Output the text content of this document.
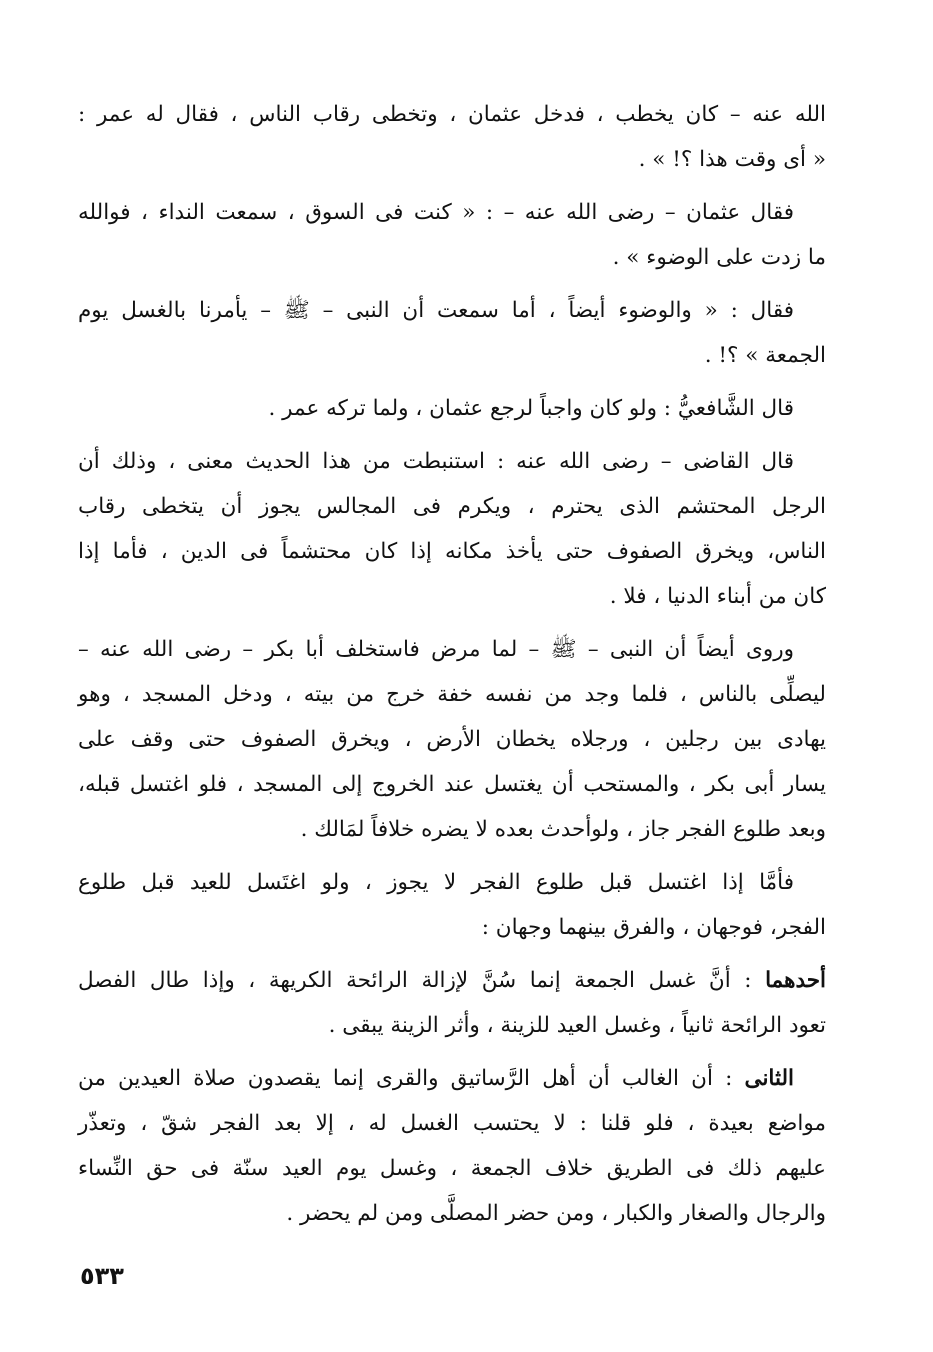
الله عنه – كان يخطب ، فدخل عثمان ، وتخطى رقاب الناس ، فقال له عمر :
« أى وقت هذا ؟! » .
فقال عثمان – رضى الله عنه – : « كنت فى السوق ، سمعت النداء ، فوالله
ما زدت على الوضوء » .
فقال : « والوضوء أيضاً ، أما سمعت أن النبى – ﷺ – يأمرنا بالغسل يوم
الجمعة » ؟! .
قال الشَّافعيُّ : ولو كان واجباً لرجع عثمان ، ولما تركه عمر .
قال القاضى – رضى الله عنه : استنبطت من هذا الحديث معنى ، وذلك أن
الرجل المحتشم الذى يحترم ، ويكرم فى المجالس يجوز أن يتخطى رقاب
الناس، ويخرق الصفوف حتى يأخذ مكانه إذا كان محتشماً فى الدين ، فأما إذا
كان من أبناء الدنيا ، فلا .
وروى أيضاً أن النبى – ﷺ – لما مرض فاستخلف أبا بكر – رضى الله عنه –
ليصلِّى بالناس ، فلما وجد من نفسه خفة خرج من بيته ، ودخل المسجد ، وهو
يهادى بين رجلين ، ورجلاه يخطان الأرض ، ويخرق الصفوف حتى وقف على
يسار أبى بكر ، والمستحب أن يغتسل عند الخروج إلى المسجد ، فلو اغتسل قبله،
وبعد طلوع الفجر جاز ، ولوأحدث بعده لا يضره خلافاً لمَالك .
فأمَّا إذا اغتسل قبل طلوع الفجر لا يجوز ، ولو اغتَسل للعيد قبل طلوع
الفجر، فوجهان ، والفرق بينهما وجهان :
أحدهما : أنَّ غسل الجمعة إنما سُنَّ لإزالة الرائحة الكريهة ، وإذا طال الفصل
تعود الرائحة ثانياً ، وغسل العيد للزينة ، وأثر الزينة يبقى .
الثانى : أن الغالب أن أهل الرَّساتيق والقرى إنما يقصدون صلاة العيدين من
مواضع بعيدة ، فلو قلنا : لا يحتسب الغسل له ، إلا بعد الفجر شقّ ، وتعذّر
عليهم ذلك فى الطريق خلاف الجمعة ، وغسل يوم العيد سنّة فى حق النِّساء
والرجال والصغار والكبار ، ومن حضر المصلَّى ومن لم يحضر .
٥٣٣
